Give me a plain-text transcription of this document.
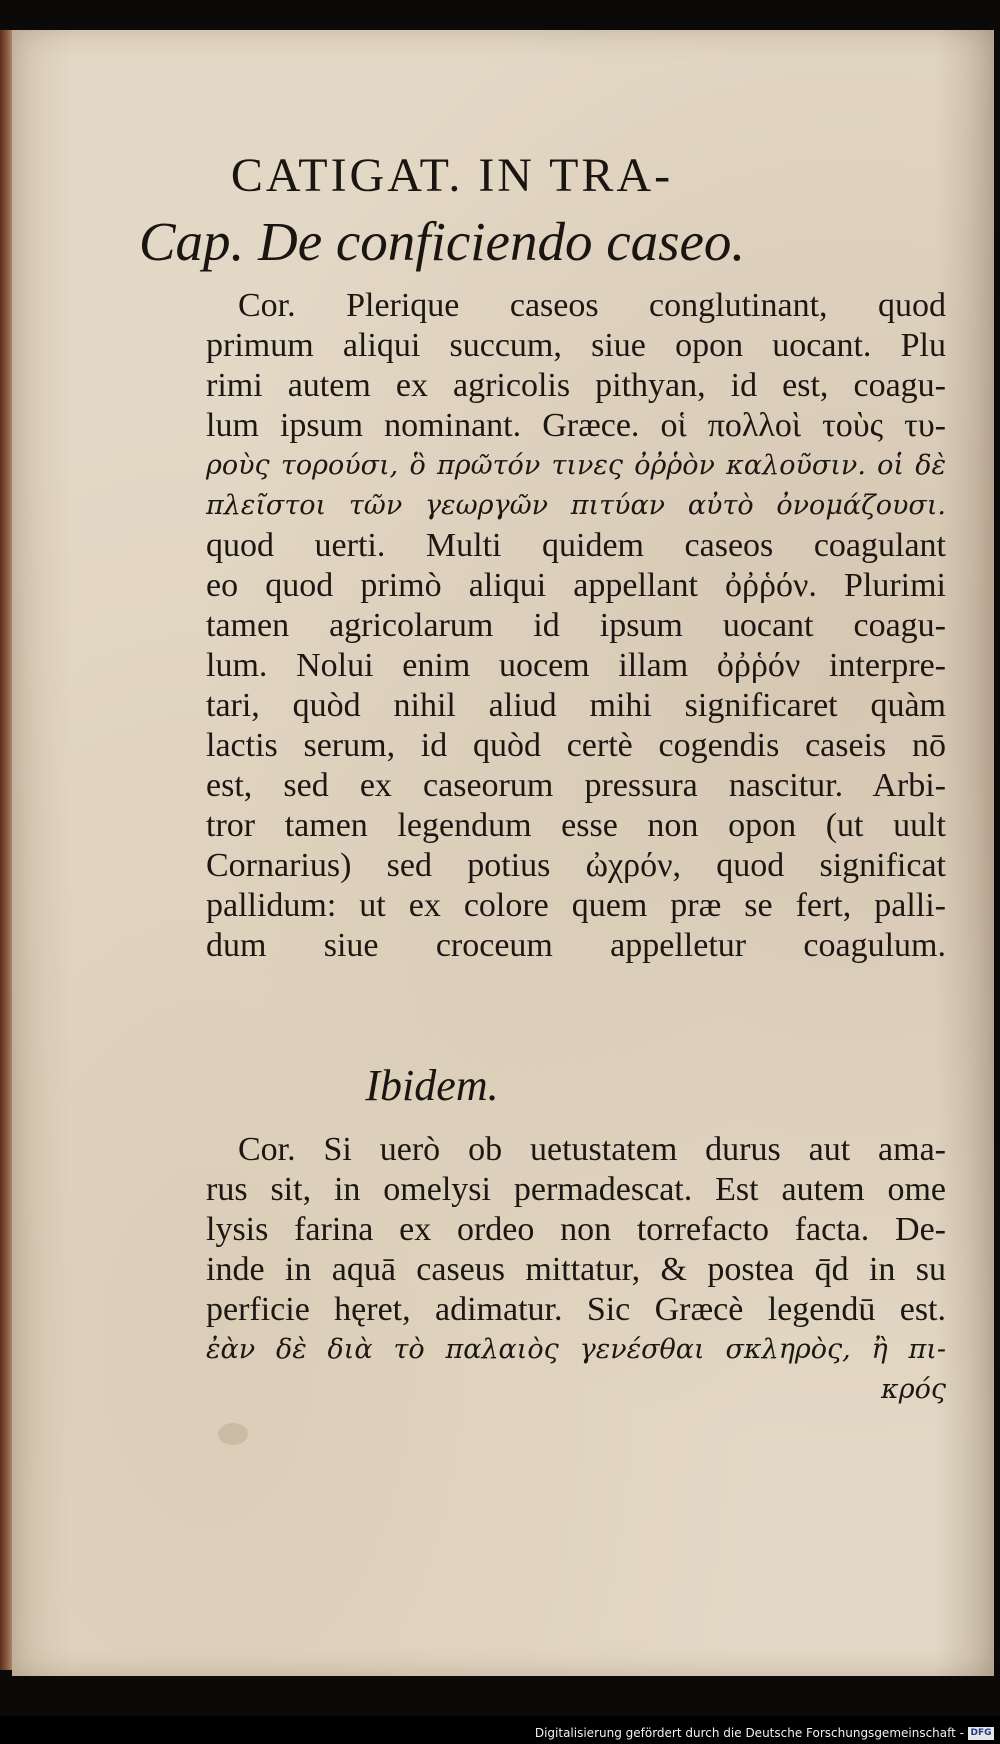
CATIGAT. IN TRA-
Cap. De conficiendo caseo.
Cor. Plerique caseos conglutinant, quod
primum aliqui succum, siue opon uocant. Plu
rimi autem ex agricolis pithyan, id est, coagu-
lum ipsum nominant. Græce. οἱ πολλοὶ τοὺς τυ-
ροὺς τορούσι, ὃ πρῶτόν τινες ὀῤῥὸν καλοῦσιν. οἱ δὲ
πλεῖστοι τῶν γεωργῶν πιτύαν αὐτὸ ὀνομάζουσι.
quod uerti. Multi quidem caseos coagulant
eo quod primò aliqui appellant ὀῤῥόν. Plurimi
tamen agricolarum id ipsum uocant coagu-
lum. Nolui enim uocem illam ὀῤῥόν interpre-
tari, quòd nihil aliud mihi significaret quàm
lactis serum, id quòd certè cogendis caseis nō
est, sed ex caseorum pressura nascitur. Arbi-
tror tamen legendum esse non opon (ut uult
Cornarius) sed potius ὠχρόν, quod significat
pallidum: ut ex colore quem præ se fert, palli-
dum siue croceum appelletur coagulum.
Ibidem.
Cor. Si uerò ob uetustatem durus aut ama-
rus sit, in omelysi permadescat. Est autem ome
lysis farina ex ordeo non torrefacto facta. De-
inde in aquā caseus mittatur, & postea q̄d in su
perficie hęret, adimatur. Sic Græcè legendū est.
ἐὰν δὲ διὰ τὸ παλαιὸς γενέσθαι σκληρὸς, ἢ πι-
κρός
Digitalisierung gefördert durch die Deutsche Forschungsgemeinschaft - DFG
